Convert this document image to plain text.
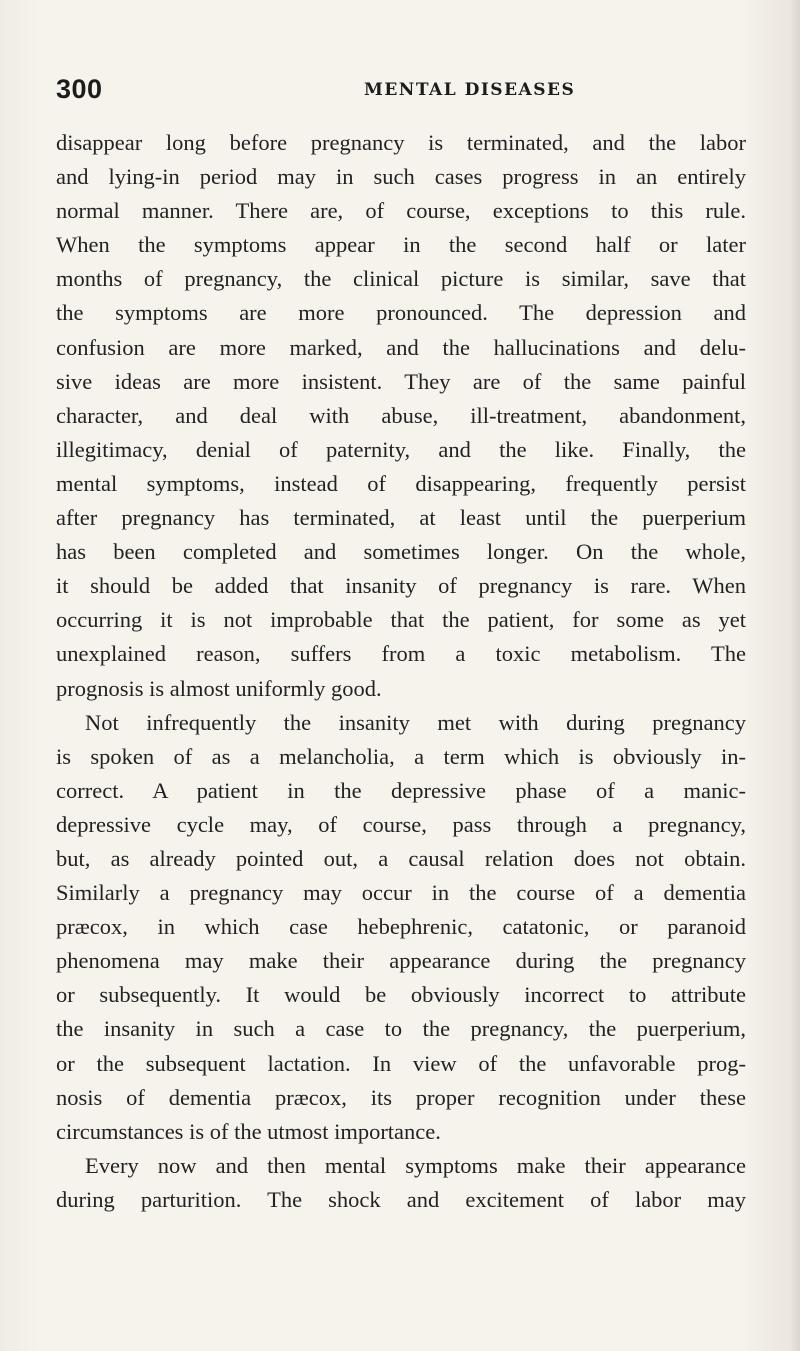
300	MENTAL DISEASES
disappear long before pregnancy is terminated, and the labor
and lying-in period may in such cases progress in an entirely
normal manner. There are, of course, exceptions to this rule.
When the symptoms appear in the second half or later
months of pregnancy, the clinical picture is similar, save that
the symptoms are more pronounced. The depression and
confusion are more marked, and the hallucinations and delu-
sive ideas are more insistent. They are of the same painful
character, and deal with abuse, ill-treatment, abandonment,
illegitimacy, denial of paternity, and the like. Finally, the
mental symptoms, instead of disappearing, frequently persist
after pregnancy has terminated, at least until the puerperium
has been completed and sometimes longer. On the whole,
it should be added that insanity of pregnancy is rare. When
occurring it is not improbable that the patient, for some as yet
unexplained reason, suffers from a toxic metabolism. The
prognosis is almost uniformly good.
Not infrequently the insanity met with during pregnancy
is spoken of as a melancholia, a term which is obviously in-
correct. A patient in the depressive phase of a manic-
depressive cycle may, of course, pass through a pregnancy,
but, as already pointed out, a causal relation does not obtain.
Similarly a pregnancy may occur in the course of a dementia
præcox, in which case hebephrenic, catatonic, or paranoid
phenomena may make their appearance during the pregnancy
or subsequently. It would be obviously incorrect to attribute
the insanity in such a case to the pregnancy, the puerperium,
or the subsequent lactation. In view of the unfavorable prog-
nosis of dementia præcox, its proper recognition under these
circumstances is of the utmost importance.
Every now and then mental symptoms make their appearance
during parturition. The shock and excitement of labor may
